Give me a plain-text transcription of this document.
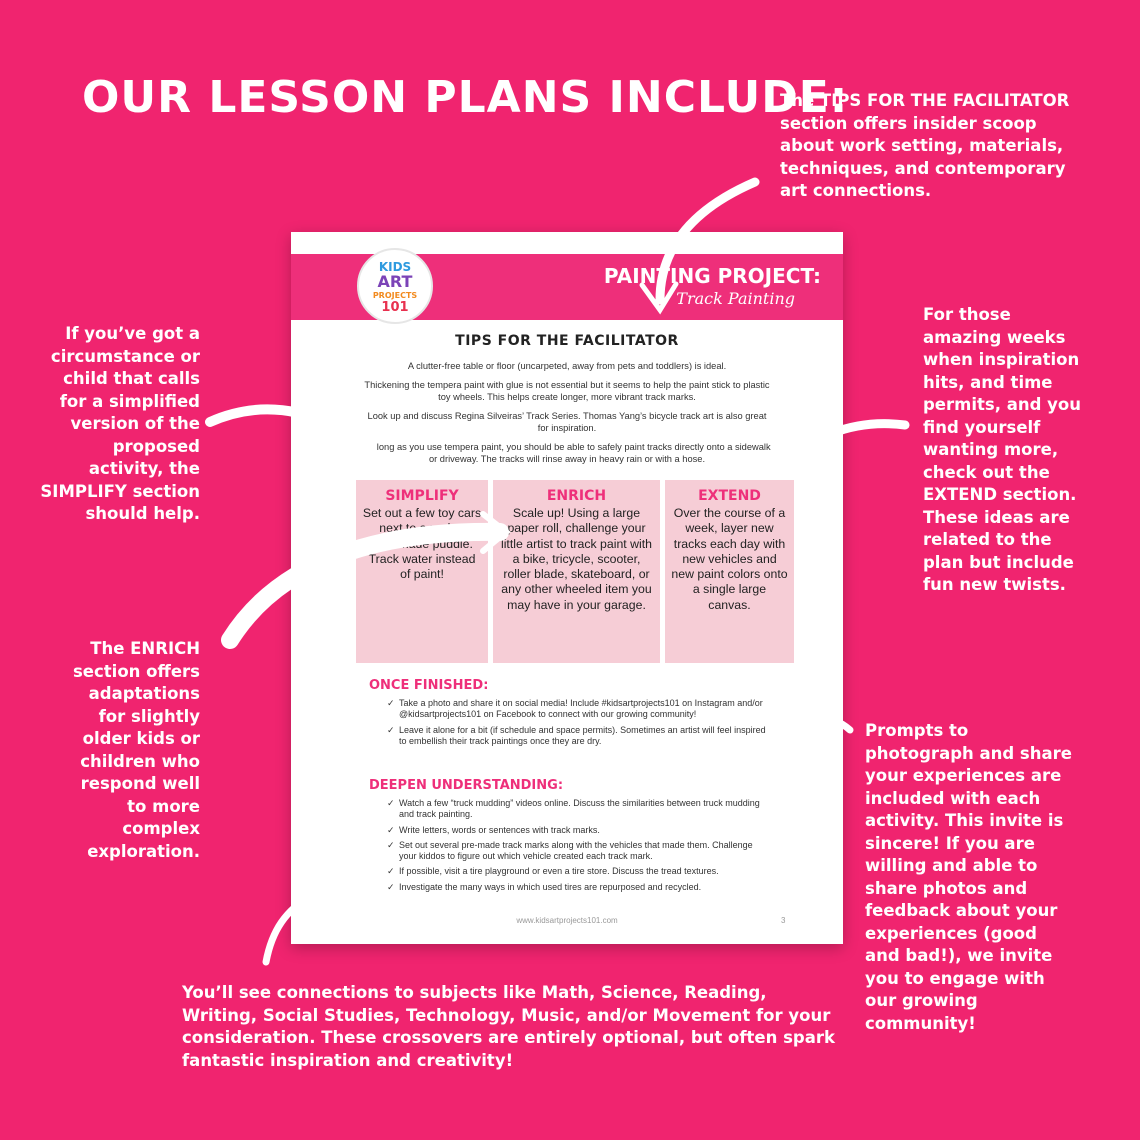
OUR LESSON PLANS INCLUDE:

The TIPS FOR THE FACILITATOR
section offers insider scoop
about work setting, materials,
techniques, and contemporary
art connections.

If you’ve got a
circumstance or
child that calls
for a simplified
version of the
proposed
activity, the
SIMPLIFY section
should help.

For those
amazing weeks
when inspiration
hits, and time
permits, and you
find yourself
wanting more,
check out the
EXTEND section.
These ideas are
related to the
plan but include
fun new twists.

The ENRICH
section offers
adaptations
for slightly
older kids or
children who
respond well
to more
complex
exploration.

Prompts to
photograph and share
your experiences are
included with each
activity. This invite is
sincere! If you are
willing and able to
share photos and
feedback about your
experiences (good
and bad!), we invite
you to engage with
our growing
community!

You’ll see connections to subjects like Math, Science, Reading,
Writing, Social Studies, Technology, Music, and/or Movement for your
consideration. These crossovers are entirely optional, but often spark
fantastic inspiration and creativity!

KIDS
ART
PROJECTS
101
PAINTING PROJECT:
Track Painting
TIPS FOR THE FACILITATOR
A clutter-free table or floor (uncarpeted, away from pets and toddlers) is ideal.
Thickening the tempera paint with glue is not essential but it seems to help the paint stick to plastic toy wheels. This helps create longer, more vibrant track marks.
Look up and discuss Regina Silveiras’ Track Series. Thomas Yang’s bicycle track art is also great for inspiration.
As long as you use tempera paint, you should be able to safely paint tracks directly onto a sidewalk or driveway. The tracks will rinse away in heavy rain or with a hose.
SIMPLIFY

Set out a few toy cars next to a real or handmade puddle. Track water instead of paint!

ENRICH

Scale up! Using a large paper roll, challenge your little artist to track paint with a bike, tricycle, scooter, roller blade, skateboard, or any other wheeled item you may have in your garage.

EXTEND

Over the course of a week, layer new tracks each day with new vehicles and new paint colors onto a single large canvas.

ONCE FINISHED:
✓ Take a photo and share it on social media! Include #kidsartprojects101 on Instagram and/or @kidsartprojects101 on Facebook to connect with our growing community!
✓ Leave it alone for a bit (if schedule and space permits). Sometimes an artist will feel inspired to embellish their track paintings once they are dry.
DEEPEN UNDERSTANDING:
✓ Watch a few “truck mudding” videos online. Discuss the similarities between truck mudding and track painting.
✓ Write letters, words or sentences with track marks.
✓ Set out several pre-made track marks along with the vehicles that made them. Challenge your kiddos to figure out which vehicle created each track mark.
✓ If possible, visit a tire playground or even a tire store. Discuss the tread textures.
✓ Investigate the many ways in which used tires are repurposed and recycled.
www.kidsartprojects101.com	3
